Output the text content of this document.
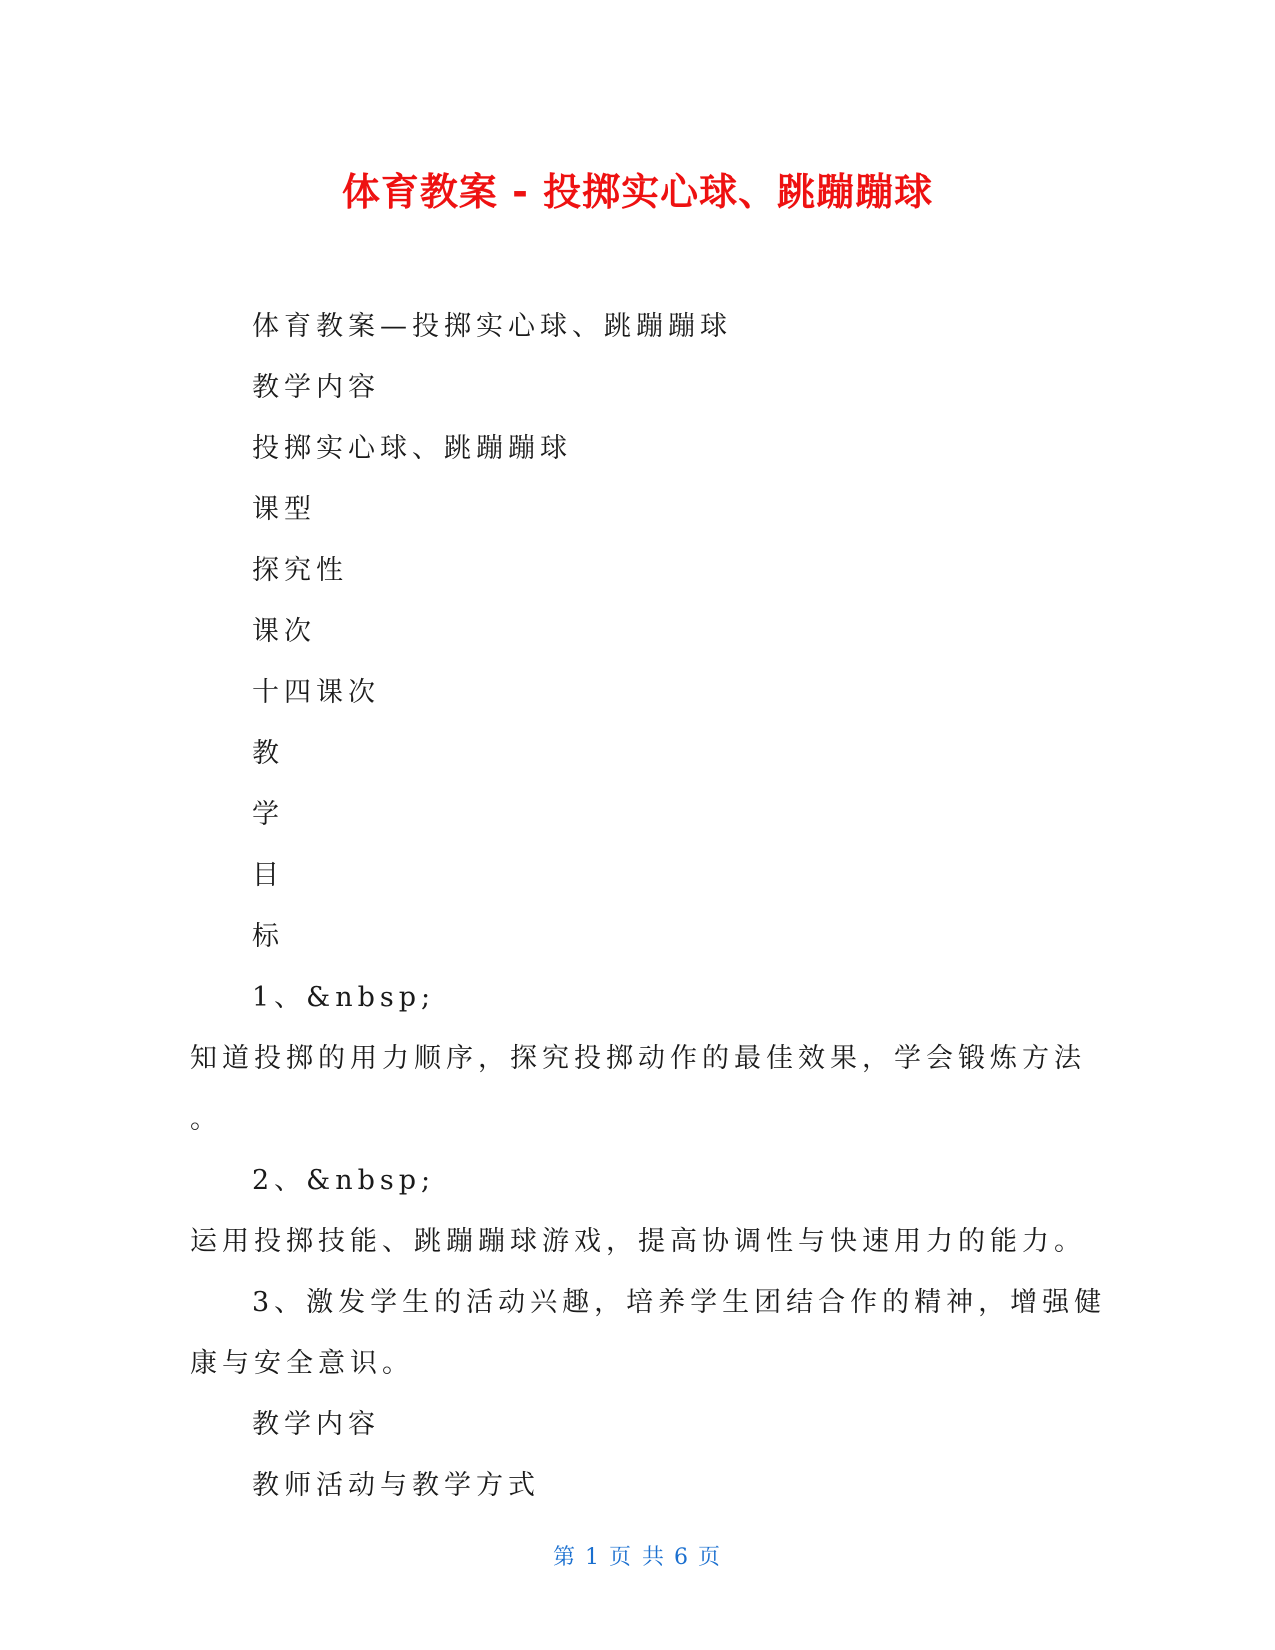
体育教案 - 投掷实心球、跳蹦蹦球
体育教案—投掷实心球、跳蹦蹦球
教学内容
投掷实心球、跳蹦蹦球
课型
探究性
课次
十四课次
教
学
目
标
1、&nbsp;
知道投掷的用力顺序，探究投掷动作的最佳效果，学会锻炼方法
。
2、&nbsp;
运用投掷技能、跳蹦蹦球游戏，提高协调性与快速用力的能力。
3、激发学生的活动兴趣，培养学生团结合作的精神，增强健
康与安全意识。
教学内容
教师活动与教学方式
第 1 页 共 6 页
